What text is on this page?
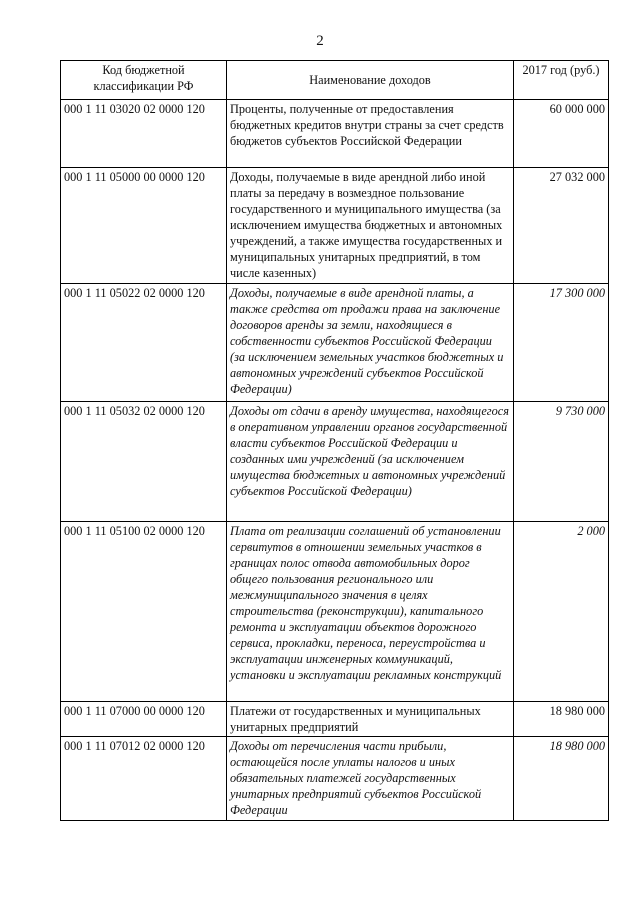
2
Код бюджетной классификации РФ	Наименование доходов	2017 год (руб.)
000 1 11 03020 02 0000 120	Проценты, полученные от предоставления бюджетных кредитов внутри страны за счет средств бюджетов субъектов Российской Федерации	60 000 000
000 1 11 05000 00 0000 120	Доходы, получаемые в виде арендной либо иной платы за передачу в возмездное пользование государственного и муниципального имущества (за исключением имущества бюджетных и автономных учреждений, а также имущества государственных и муниципальных унитарных предприятий, в том числе казенных)	27 032 000
000 1 11 05022 02 0000 120	Доходы, получаемые в виде арендной платы, а также средства от продажи права на заключение договоров аренды за земли, находящиеся в собственности субъектов Российской Федерации (за исключением земельных участков бюджетных и автономных учреждений субъектов Российской Федерации)	17 300 000
000 1 11 05032 02 0000 120	Доходы от сдачи в аренду имущества, находящегося в оперативном управлении органов государственной власти субъектов Российской Федерации и созданных ими учреждений (за исключением имущества бюджетных и автономных учреждений субъектов Российской Федерации)	9 730 000
000 1 11 05100 02 0000 120	Плата от реализации соглашений об установлении сервитутов в отношении земельных участков в границах полос отвода автомобильных дорог общего пользования регионального или межмуниципального значения в целях строительства (реконструкции), капитального ремонта и эксплуатации объектов дорожного сервиса, прокладки, переноса, переустройства и эксплуатации инженерных коммуникаций, установки и эксплуатации рекламных конструкций	2 000
000 1 11 07000 00 0000 120	Платежи от государственных и муниципальных унитарных предприятий	18 980 000
000 1 11 07012 02 0000 120	Доходы от перечисления части прибыли, остающейся после уплаты налогов и иных обязательных платежей государственных унитарных предприятий субъектов Российской Федерации	18 980 000
